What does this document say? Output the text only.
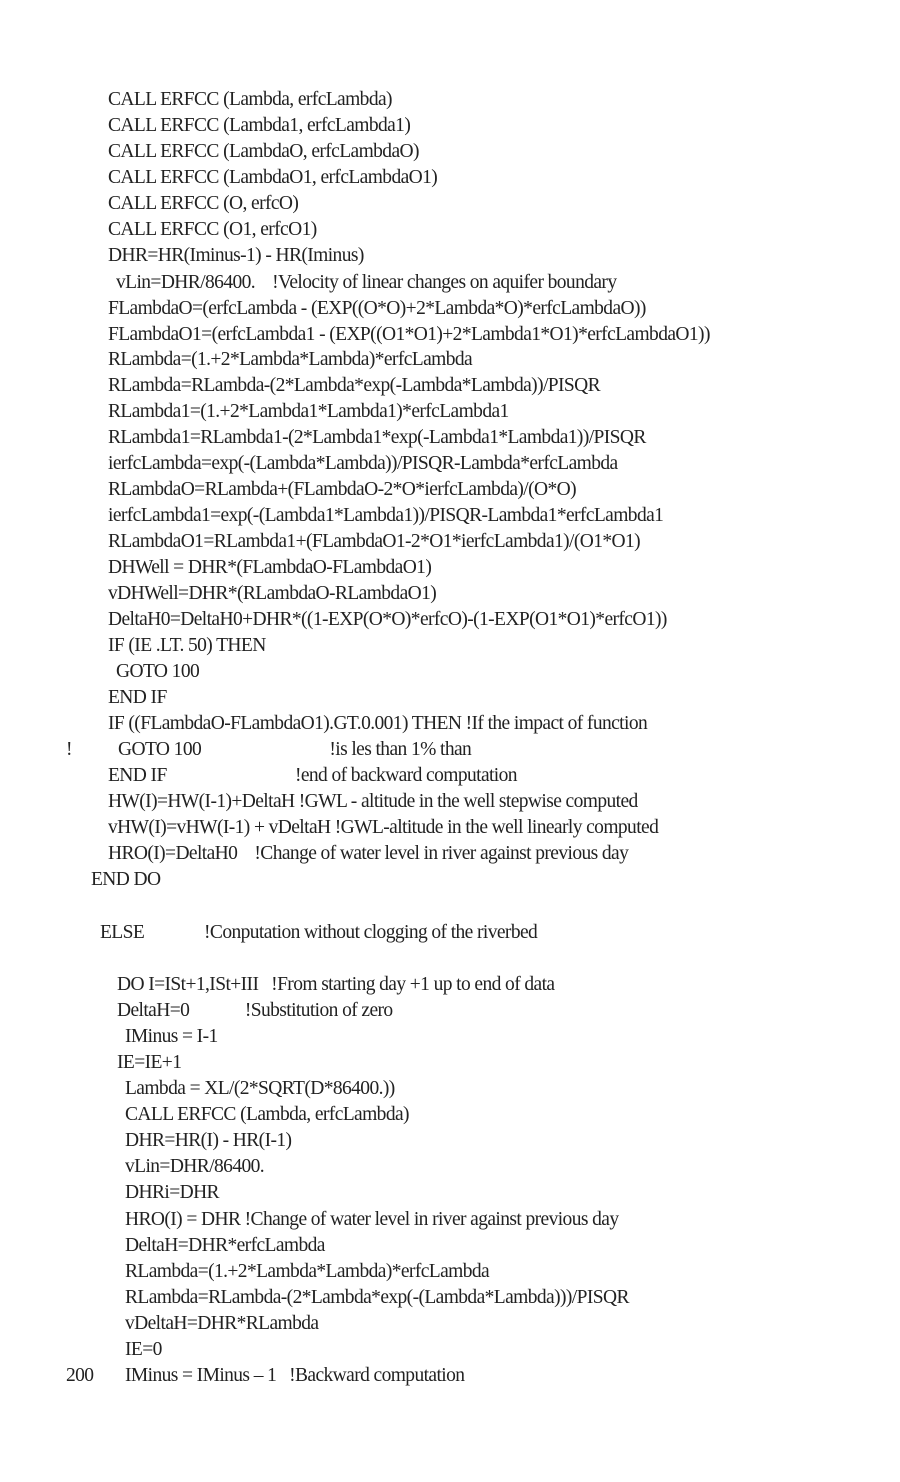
CALL ERFCC (Lambda, erfcLambda)
CALL ERFCC (Lambda1, erfcLambda1)
CALL ERFCC (LambdaO, erfcLambdaO)
CALL ERFCC (LambdaO1, erfcLambdaO1)
CALL ERFCC (O, erfcO)
CALL ERFCC (O1, erfcO1)
DHR=HR(Iminus-1) - HR(Iminus)
vLin=DHR/86400.    !Velocity of linear changes on aquifer boundary
FLambdaO=(erfcLambda - (EXP((O*O)+2*Lambda*O)*erfcLambdaO))
FLambdaO1=(erfcLambda1 - (EXP((O1*O1)+2*Lambda1*O1)*erfcLambdaO1))
RLambda=(1.+2*Lambda*Lambda)*erfcLambda
RLambda=RLambda-(2*Lambda*exp(-Lambda*Lambda))/PISQR
RLambda1=(1.+2*Lambda1*Lambda1)*erfcLambda1
RLambda1=RLambda1-(2*Lambda1*exp(-Lambda1*Lambda1))/PISQR
ierfcLambda=exp(-(Lambda*Lambda))/PISQR-Lambda*erfcLambda
RLambdaO=RLambda+(FLambdaO-2*O*ierfcLambda)/(O*O)
ierfcLambda1=exp(-(Lambda1*Lambda1))/PISQR-Lambda1*erfcLambda1
RLambdaO1=RLambda1+(FLambdaO1-2*O1*ierfcLambda1)/(O1*O1)
DHWell = DHR*(FLambdaO-FLambdaO1)
vDHWell=DHR*(RLambdaO-RLambdaO1)
DeltaH0=DeltaH0+DHR*((1-EXP(O*O)*erfcO)-(1-EXP(O1*O1)*erfcO1))
IF (IE .LT. 50) THEN
GOTO 100
END IF
IF ((FLambdaO-FLambdaO1).GT.0.001) THEN !If the impact of function
! GOTO 100                              !is les than 1% than
END IF                              !end of backward computation
HW(I)=HW(I-1)+DeltaH !GWL - altitude in the well stepwise computed
vHW(I)=vHW(I-1) + vDeltaH !GWL-altitude in the well linearly computed
HRO(I)=DeltaH0    !Change of water level in river against previous day
END DO
ELSE              !Conputation without clogging of the riverbed
DO I=ISt+1,ISt+III   !From starting day +1 up to end of data
DeltaH=0             !Substitution of zero
IMinus = I-1
IE=IE+1
Lambda = XL/(2*SQRT(D*86400.))
CALL ERFCC (Lambda, erfcLambda)
DHR=HR(I) - HR(I-1)
vLin=DHR/86400.
DHRi=DHR
HRO(I) = DHR !Change of water level in river against previous day
DeltaH=DHR*erfcLambda
RLambda=(1.+2*Lambda*Lambda)*erfcLambda
RLambda=RLambda-(2*Lambda*exp(-(Lambda*Lambda)))/PISQR
vDeltaH=DHR*RLambda
IE=0
200 IMinus = IMinus – 1   !Backward computation
